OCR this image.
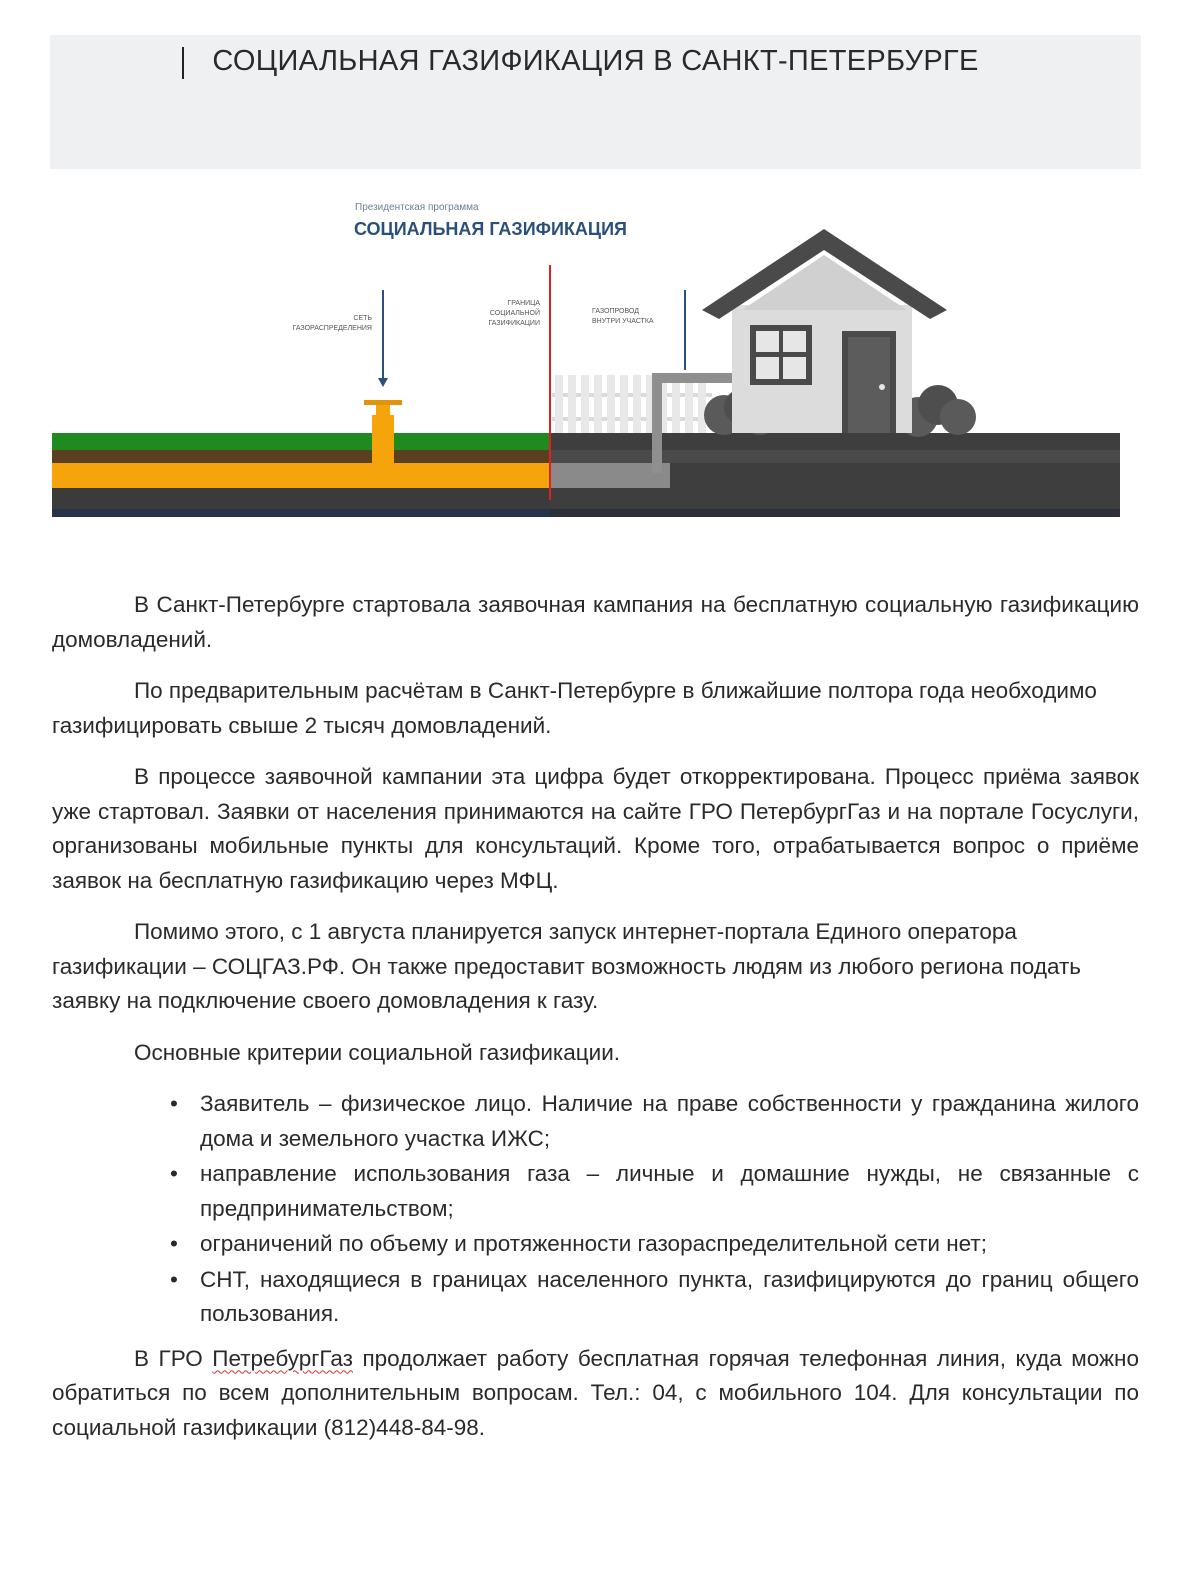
СОЦИАЛЬНАЯ ГАЗИФИКАЦИЯ В САНКТ-ПЕТЕРБУРГЕ
Президентская программа
СОЦИАЛЬНАЯ ГАЗИФИКАЦИЯ
СЕТЬ
ГАЗОРАСПРЕДЕЛЕНИЯ
ГРАНИЦА
СОЦИАЛЬНОЙ
ГАЗИФИКАЦИИ
ГАЗОПРОВОД
ВНУТРИ УЧАСТКА

В Санкт-Петербурге стартовала заявочная кампания на бесплатную социальную газификацию домовладений.

По предварительным расчётам в Санкт-Петербурге в ближайшие полтора года необходимо газифицировать свыше 2 тысяч домовладений.

В процессе заявочной кампании эта цифра будет откорректирована. Процесс приёма заявок уже стартовал. Заявки от населения принимаются на сайте ГРО ПетербургГаз и на портале Госуслуги, организованы мобильные пункты для консультаций. Кроме того, отрабатывается вопрос о приёме заявок на бесплатную газификацию через МФЦ.

Помимо этого, с 1 августа планируется запуск интернет-портала Единого оператора газификации – СОЦГАЗ.РФ. Он также предоставит возможность людям из любого региона подать заявку на подключение своего домовладения к газу.

Основные критерии социальной газификации.

• Заявитель – физическое лицо. Наличие на праве собственности у гражданина жилого дома и земельного участка ИЖС;
• направление использования газа – личные и домашние нужды, не связанные с предпринимательством;
• ограничений по объему и протяженности газораспределительной сети нет;
• СНТ, находящиеся в границах населенного пункта, газифицируются до границ общего пользования.

В ГРО ПетребургГаз продолжает работу бесплатная горячая телефонная линия, куда можно обратиться по всем дополнительным вопросам. Тел.: 04, с мобильного 104. Для консультации по социальной газификации (812)448-84-98.
